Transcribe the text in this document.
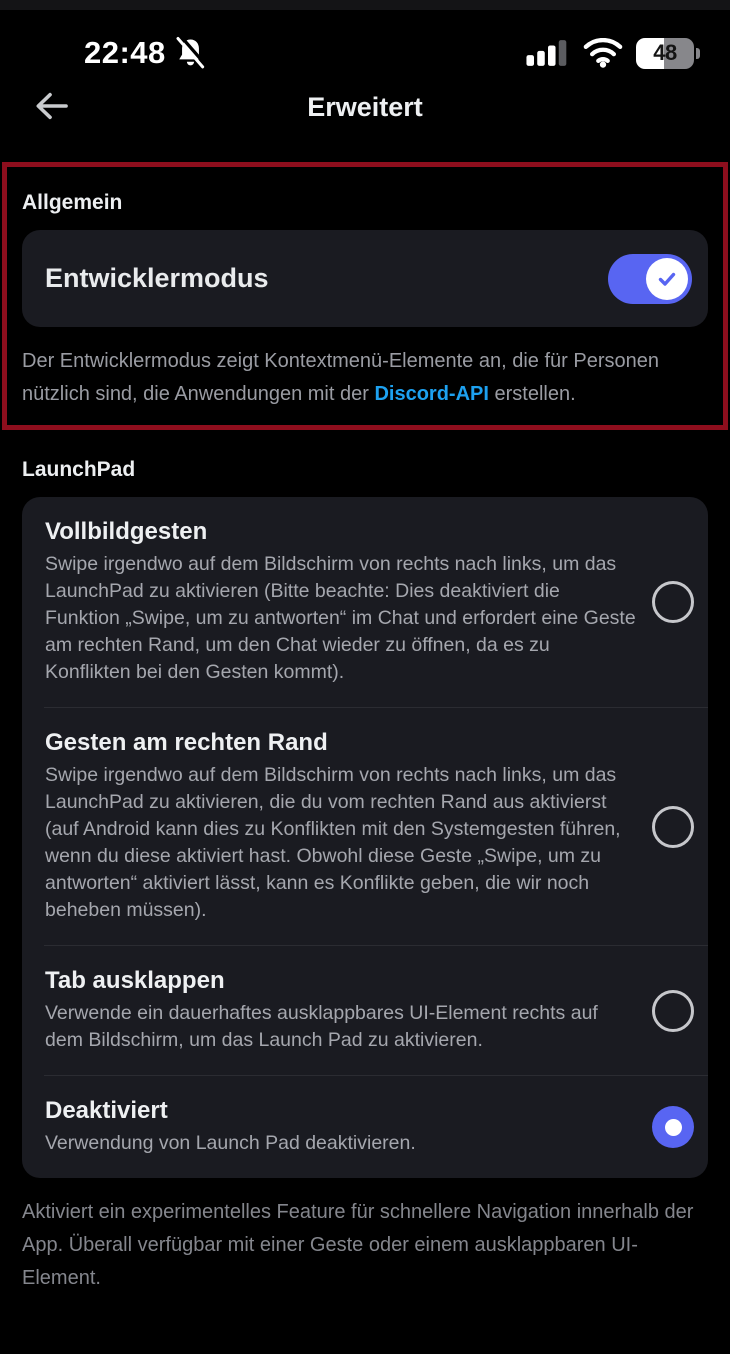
22:48	48
Erweitert
Allgemein
Entwicklermodus
Der Entwicklermodus zeigt Kontextmenü-Elemente an, die für Personen nützlich sind, die Anwendungen mit der Discord-API erstellen.
LaunchPad
Vollbildgesten
Swipe irgendwo auf dem Bildschirm von rechts nach links, um das LaunchPad zu aktivieren (Bitte beachte: Dies deaktiviert die Funktion „Swipe, um zu antworten“ im Chat und erfordert eine Geste am rechten Rand, um den Chat wieder zu öffnen, da es zu Konflikten bei den Gesten kommt).
Gesten am rechten Rand
Swipe irgendwo auf dem Bildschirm von rechts nach links, um das LaunchPad zu aktivieren, die du vom rechten Rand aus aktivierst (auf Android kann dies zu Konflikten mit den Systemgesten führen, wenn du diese aktiviert hast. Obwohl diese Geste „Swipe, um zu antworten“ aktiviert lässt, kann es Konflikte geben, die wir noch beheben müssen).
Tab ausklappen
Verwende ein dauerhaftes ausklappbares UI-Element rechts auf dem Bildschirm, um das Launch Pad zu aktivieren.
Deaktiviert
Verwendung von Launch Pad deaktivieren.
Aktiviert ein experimentelles Feature für schnellere Navigation innerhalb der App. Überall verfügbar mit einer Geste oder einem ausklappbaren UI-Element.
